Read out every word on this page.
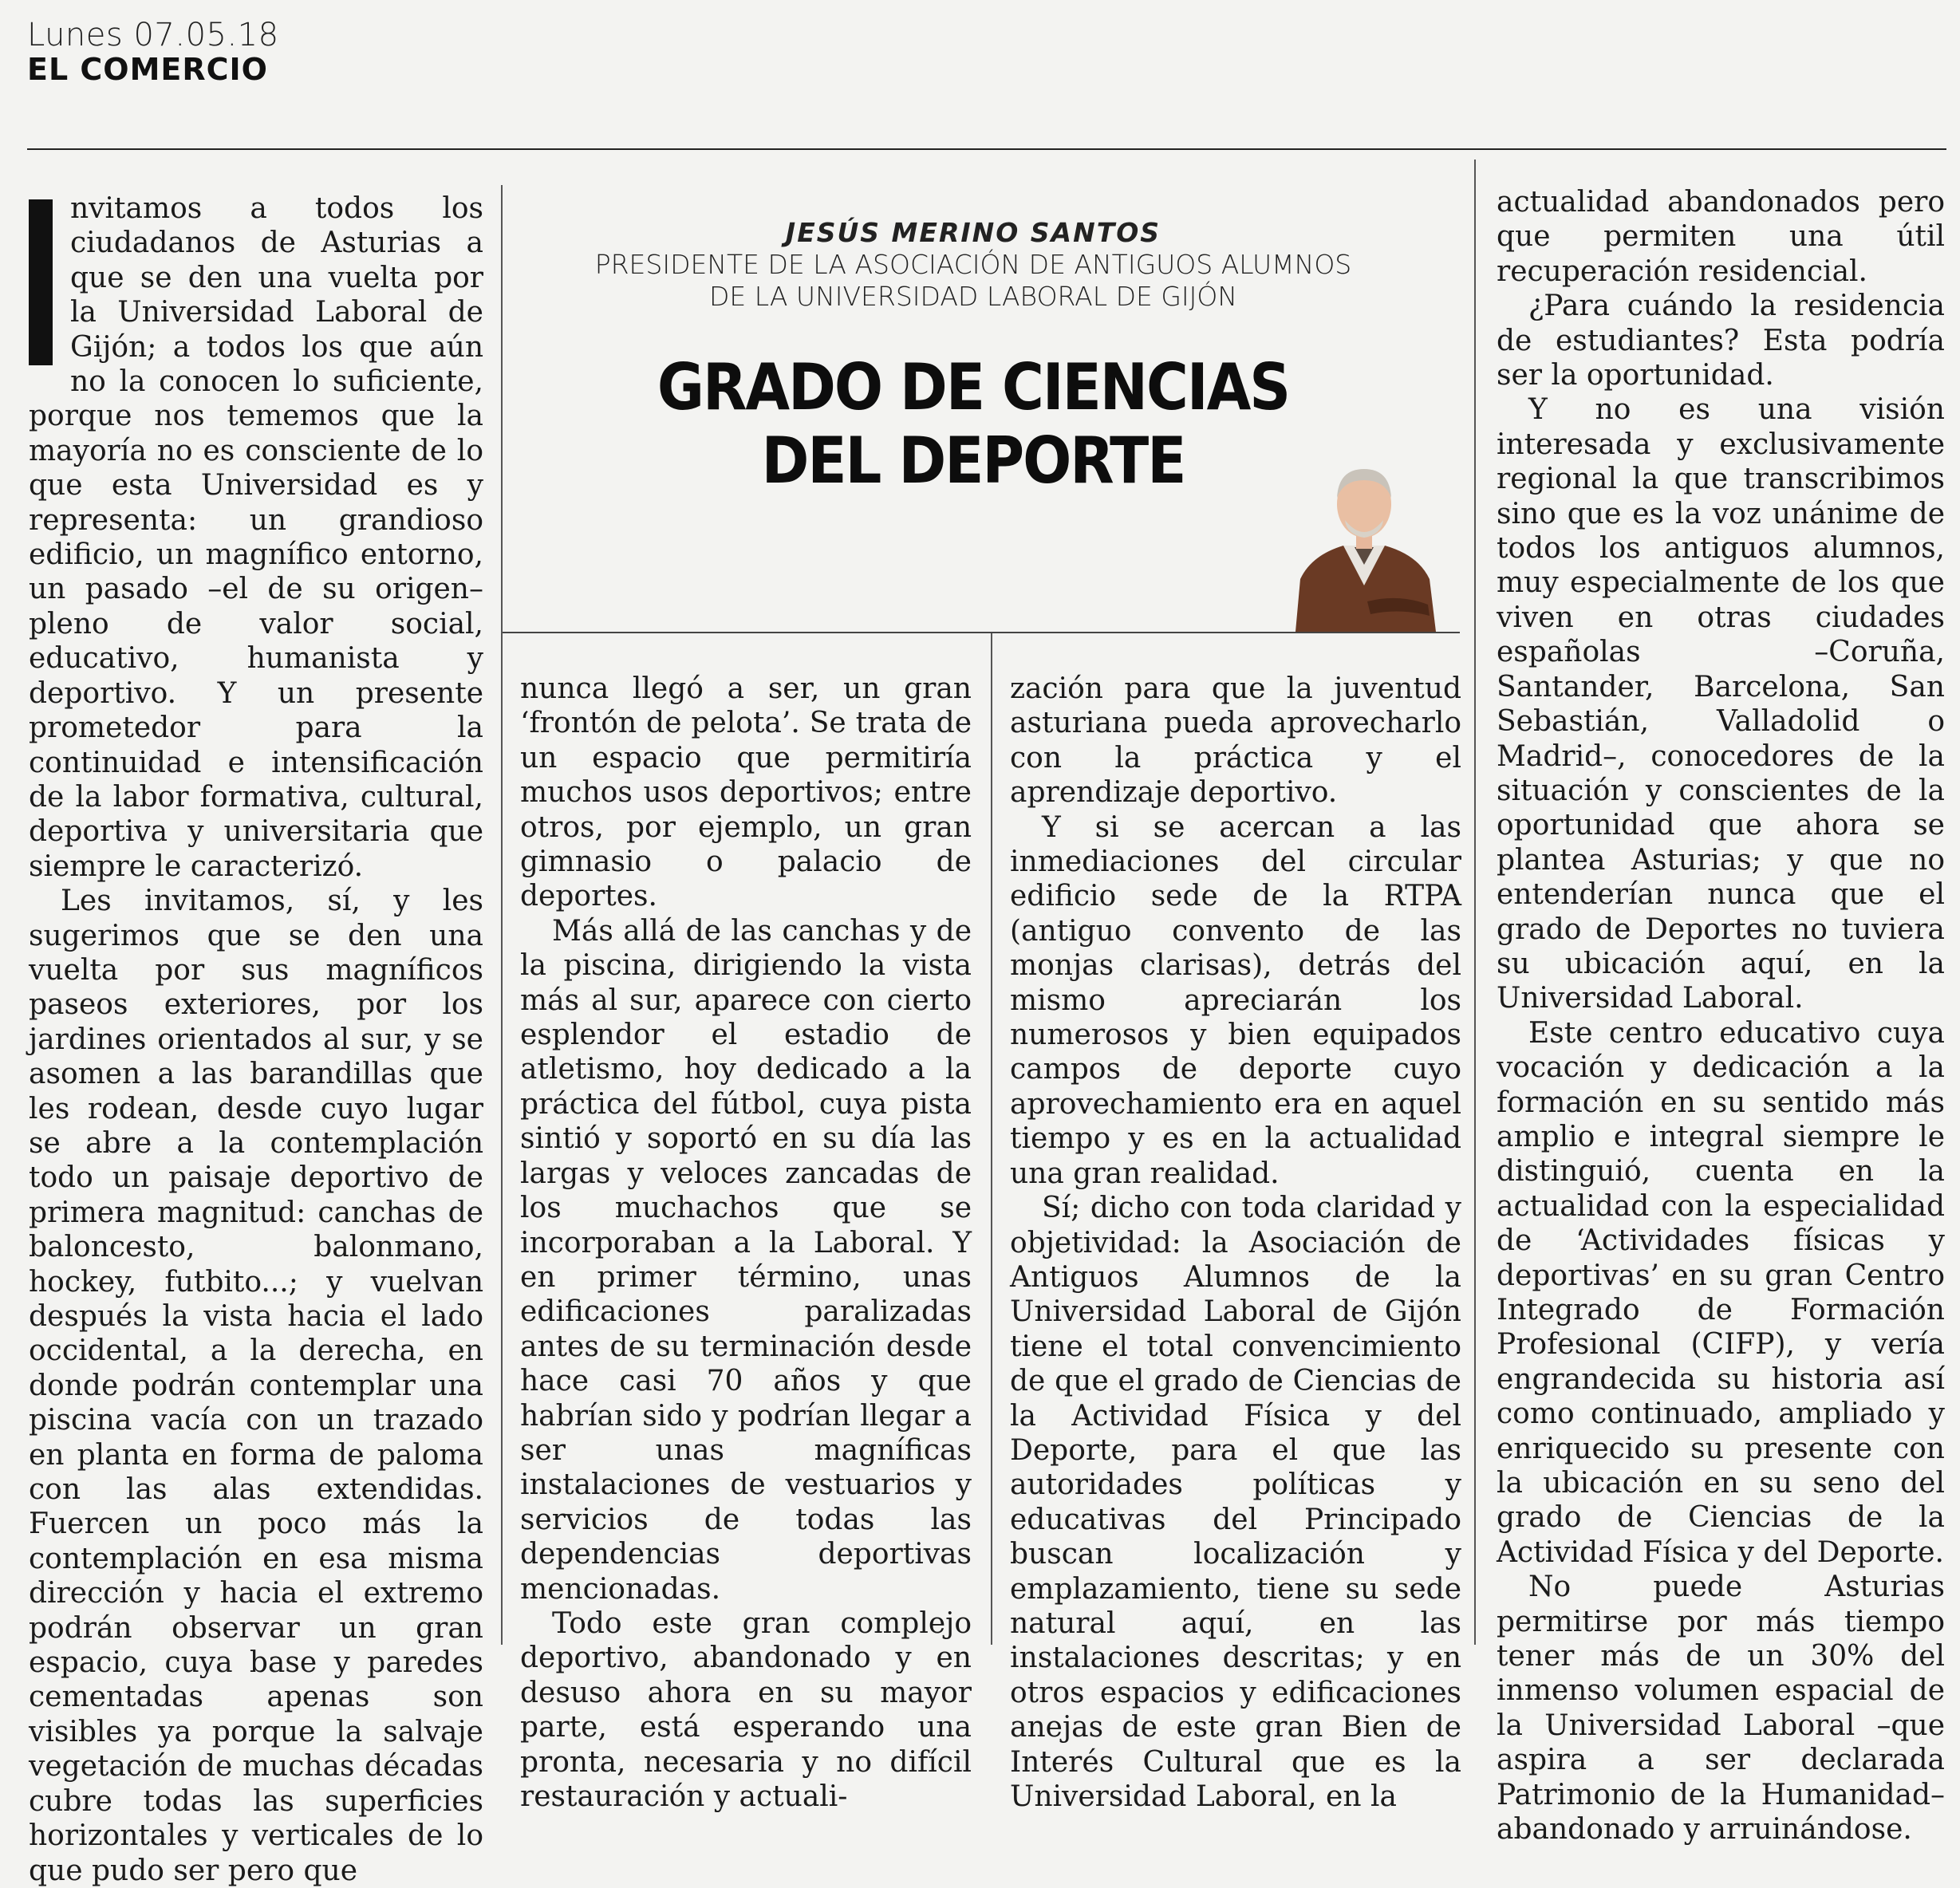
Lunes 07.05.18
EL COMERCIO

nvitamos a todos los ciudadanos de Asturias a que se den una vuelta por la Universidad Laboral de Gijón; a todos los que aún no la conocen lo suficiente, porque nos tememos que la mayoría no es consciente de lo que esta Universidad es y representa: un grandioso edificio, un magnífico entorno, un pasado –el de su origen– pleno de valor social, educativo, humanista y deportivo. Y un presente prometedor para la continuidad e intensificación de la labor formativa, cultural, deportiva y universitaria que siempre le caracterizó.

Les invitamos, sí, y les sugerimos que se den una vuelta por sus magníficos paseos exteriores, por los jardines orientados al sur, y se asomen a las barandillas que les rodean, desde cuyo lugar se abre a la contemplación todo un paisaje deportivo de primera magnitud: canchas de baloncesto, balonmano, hockey, futbito...; y vuelvan después la vista hacia el lado occidental, a la derecha, en donde podrán contemplar una piscina vacía con un trazado en planta en forma de paloma con las alas extendidas. Fuercen un poco más la contemplación en esa misma dirección y hacia el extremo podrán observar un gran espacio, cuya base y paredes cementadas apenas son visibles ya porque la salvaje vegetación de muchas décadas cubre todas las superficies horizontales y verticales de lo que pudo ser pero que

JESÚS MERINO SANTOS
PRESIDENTE DE LA ASOCIACIÓN DE ANTIGUOS ALUMNOS
DE LA UNIVERSIDAD LABORAL DE GIJÓN
GRADO DE CIENCIAS
DEL DEPORTE

nunca llegó a ser, un gran ‘frontón de pelota’. Se trata de un espacio que permitiría muchos usos deportivos; entre otros, por ejemplo, un gran gimnasio o palacio de deportes.

Más allá de las canchas y de la piscina, dirigiendo la vista más al sur, aparece con cierto esplendor el estadio de atletismo, hoy dedicado a la práctica del fútbol, cuya pista sintió y soportó en su día las largas y veloces zancadas de los muchachos que se incorporaban a la Laboral. Y en primer término, unas edificaciones paralizadas antes de su terminación desde hace casi 70 años y que habrían sido y podrían llegar a ser unas magníficas instalaciones de vestuarios y servicios de todas las dependencias deportivas mencionadas.

Todo este gran complejo deportivo, abandonado y en desuso ahora en su mayor parte, está esperando una pronta, necesaria y no difícil restauración y actuali-

zación para que la juventud asturiana pueda aprovecharlo con la práctica y el aprendizaje deportivo.

Y si se acercan a las inmediaciones del circular edificio sede de la RTPA (antiguo convento de las monjas clarisas), detrás del mismo apreciarán los numerosos y bien equipados campos de deporte cuyo aprovechamiento era en aquel tiempo y es en la actualidad una gran realidad.

Sí; dicho con toda claridad y objetividad: la Asociación de Antiguos Alumnos de la Universidad Laboral de Gijón tiene el total convencimiento de que el grado de Ciencias de la Actividad Física y del Deporte, para el que las autoridades políticas y educativas del Principado buscan localización y emplazamiento, tiene su sede natural aquí, en las instalaciones descritas; y en otros espacios y edificaciones anejas de este gran Bien de Interés Cultural que es la Universidad Laboral, en la

actualidad abandonados pero que permiten una útil recuperación residencial.

¿Para cuándo la residencia de estudiantes? Esta podría ser la oportunidad.

Y no es una visión interesada y exclusivamente regional la que transcribimos sino que es la voz unánime de todos los antiguos alumnos, muy especialmente de los que viven en otras ciudades españolas –Coruña, Santander, Barcelona, San Sebastián, Valladolid o Madrid–, conocedores de la situación y conscientes de la oportunidad que ahora se plantea Asturias; y que no entenderían nunca que el grado de Deportes no tuviera su ubicación aquí, en la Universidad Laboral.

Este centro educativo cuya vocación y dedicación a la formación en su sentido más amplio e integral siempre le distinguió, cuenta en la actualidad con la especialidad de ‘Actividades físicas y deportivas’ en su gran Centro Integrado de Formación Profesional (CIFP), y vería engrandecida su historia así como continuado, ampliado y enriquecido su presente con la ubicación en su seno del grado de Ciencias de la Actividad Física y del Deporte.

No puede Asturias permitirse por más tiempo tener más de un 30% del inmenso volumen espacial de la Universidad Laboral –que aspira a ser declarada Patrimonio de la Humanidad– abandonado y arruinándose.
